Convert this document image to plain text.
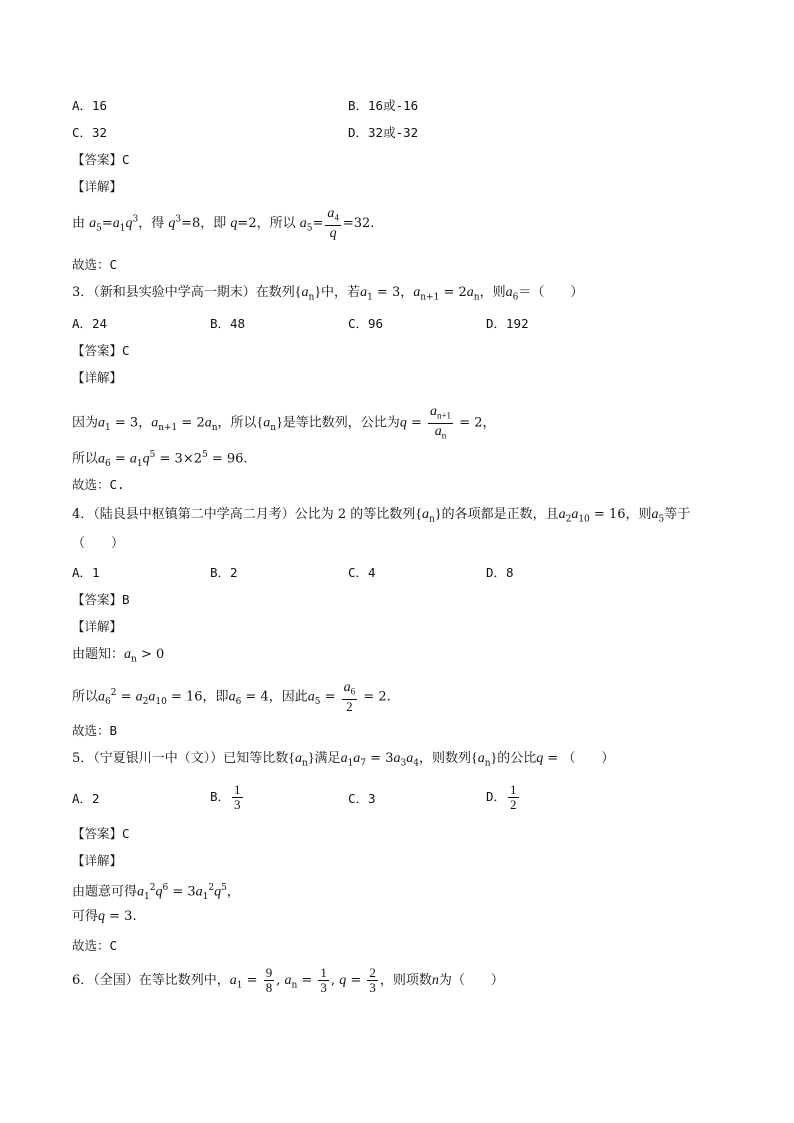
A．16	B．16或-16
C．32	D．32或-32
【答案】C
【详解】
由 $a_5=a_1q^3$，得 $q^3=8$，即 q=2，所以 $a_5= \frac{a_4}{q} =32$.
故选：C
3．（新和县实验中学高一期末）在数列$\{a_n\}$中，若$a_1 = 3$，$a_{n+1} = 2a_n$，则$a_6=$（　　）
A．24	B．48	C．96	D．192
【答案】C
【详解】
因为$a_1 = 3$，$a_{n+1} = 2a_n$，所以$\{a_n\}$是等比数列，公比为$q = \frac{a_{n+1}}{a_n} = 2$，
所以$a_6 = a_1q^5 = 3\times 2^5 = 96$.
故选：C.
4．（陆良县中枢镇第二中学高二月考）公比为 2 的等比数列$\{a_n\}$的各项都是正数，且$a_2a_{10} = 16$，则$a_5$等于
（　　）
A．1	B．2	C．4	D．8
【答案】B
【详解】
由题知：$a_n > 0$
所以$a_6^2 = a_2a_{10} = 16$，即$a_6 = 4$，因此$a_5 = \frac{a_6}{2} = 2$.
故选：B
5．（宁夏银川一中（文））已知等比数$\{a_n\}$满足$a_1a_7 = 3a_3a_4$，则数列$\{a_n\}$的公比q = （　　）
A．2	B． $\frac{1}{3}$	C．3	D． $\frac{1}{2}$
【答案】C
【详解】
由题意可得$a_1^2q^6 = 3a_1^2q^5$，
可得q = 3.
故选：C
6．（全国）在等比数列中，$a_1 = \frac{9}{8}$ , $a_n = \frac{1}{3}$ , $q = \frac{2}{3}$ ，则项数n为（　　）
